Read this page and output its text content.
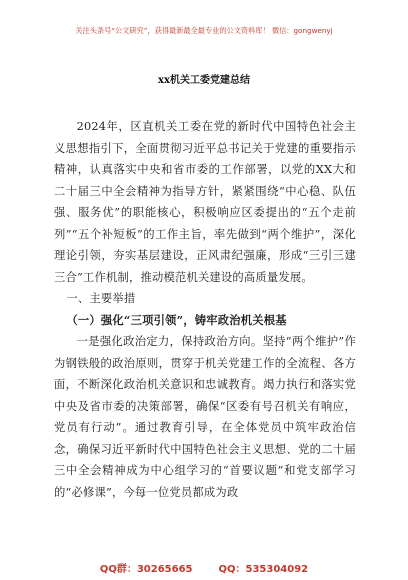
关注头条号“公文研究”，获得最新最全最专业的公文资料库！ 微信：gongwenyj
xx机关工委党建总结

2024年，区直机关工委在党的新时代中国特色社会主义思想指引下，全面贯彻习近平总书记关于党建的重要指示精神，认真落实中央和省市委的工作部署，以党的XX大和二十届三中全会精神为指导方针，紧紧围绕“中心稳、队伍强、服务优”的职能核心，积极响应区委提出的“五个走前列”“五个补短板”的工作主旨，率先做到“两个维护”，深化理论引领，夯实基层建设，正风肃纪强廉，形成“三引三建三合”工作机制，推动模范机关建设的高质量发展。

一、主要举措

（一）强化“三项引领”，铸牢政治机关根基

一是强化政治定力，保持政治方向。坚持“两个维护”作为钢铁般的政治原则，贯穿于机关党建工作的全流程、各方面，不断深化政治机关意识和忠诚教育。竭力执行和落实党中央及省市委的决策部署，确保“区委有号召机关有响应，党员有行动”。通过教育引导，在全体党员中筑牢政治信念，确保习近平新时代中国特色社会主义思想、党的二十届三中全会精神成为中心组学习的“首要议题”和党支部学习的“必修课”，今每一位党员都成为政

QQ群：30265665	QQ：535304092
